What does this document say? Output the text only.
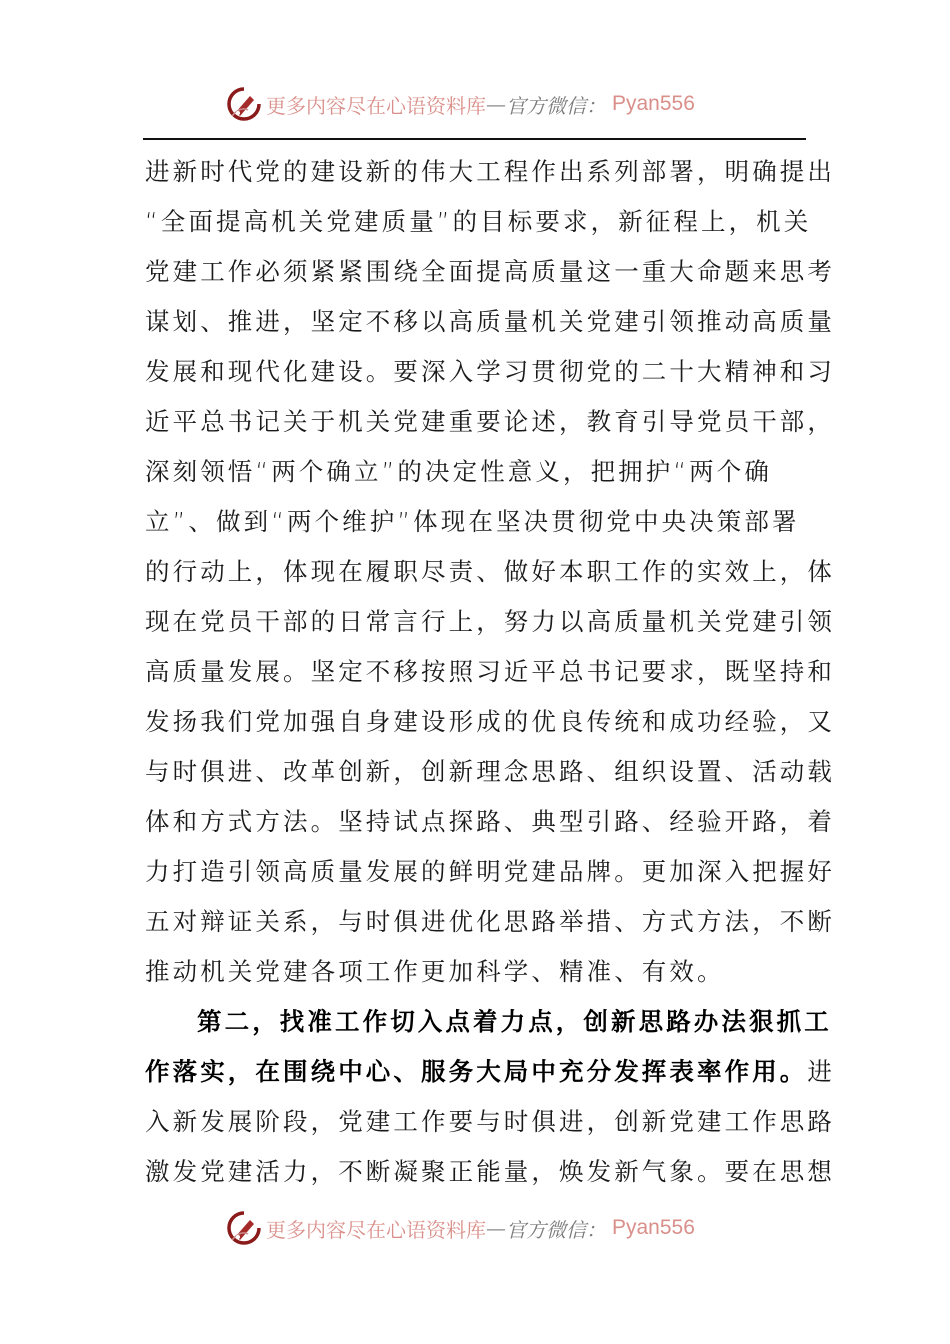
更多内容尽在心语资料库 — 官方微信： Pyan556
进新时代党的建设新的伟大工程作出系列部署，明确提出
“全面提高机关党建质量”的目标要求，新征程上，机关
党建工作必须紧紧围绕全面提高质量这一重大命题来思考
谋划、推进，坚定不移以高质量机关党建引领推动高质量
发展和现代化建设。要深入学习贯彻党的二十大精神和习
近平总书记关于机关党建重要论述，教育引导党员干部，
深刻领悟“两个确立”的决定性意义，把拥护“两个确
立”、做到“两个维护”体现在坚决贯彻党中央决策部署
的行动上，体现在履职尽责、做好本职工作的实效上，体
现在党员干部的日常言行上，努力以高质量机关党建引领
高质量发展。坚定不移按照习近平总书记要求，既坚持和
发扬我们党加强自身建设形成的优良传统和成功经验，又
与时俱进、改革创新，创新理念思路、组织设置、活动载
体和方式方法。坚持试点探路、典型引路、经验开路，着
力打造引领高质量发展的鲜明党建品牌。更加深入把握好
五对辩证关系，与时俱进优化思路举措、方式方法，不断
推动机关党建各项工作更加科学、精准、有效。
第二，找准工作切入点着力点，创新思路办法狠抓工
作落实，在围绕中心、服务大局中充分发挥表率作用。进
入新发展阶段，党建工作要与时俱进，创新党建工作思路
激发党建活力，不断凝聚正能量，焕发新气象。要在思想
更多内容尽在心语资料库 — 官方微信： Pyan556
